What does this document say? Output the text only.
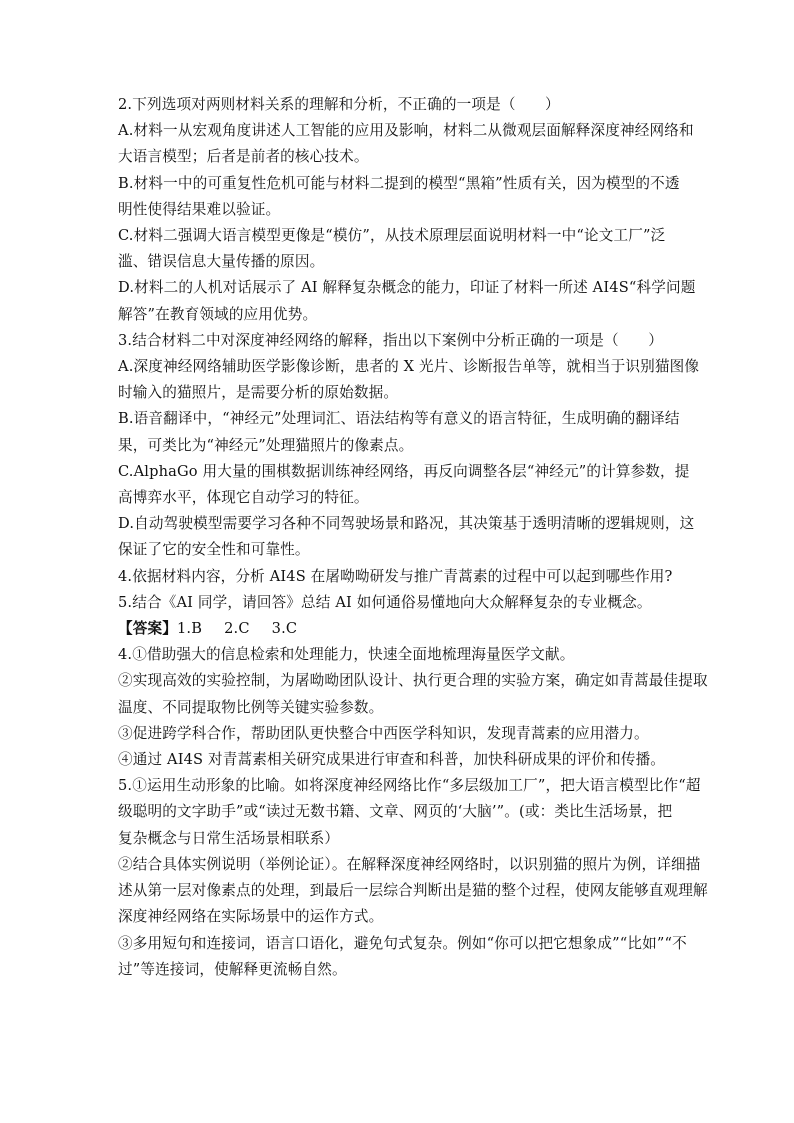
2.下列选项对两则材料关系的理解和分析，不正确的一项是（　　）

A.材料一从宏观角度讲述人工智能的应用及影响，材料二从微观层面解释深度神经网络和

大语言模型；后者是前者的核心技术。

B.材料一中的可重复性危机可能与材料二提到的模型“黑箱”性质有关，因为模型的不透

明性使得结果难以验证。

C.材料二强调大语言模型更像是“模仿”，从技术原理层面说明材料一中“论文工厂”泛

滥、错误信息大量传播的原因。

D.材料二的人机对话展示了 AI 解释复杂概念的能力，印证了材料一所述 AI4S“科学问题

解答”在教育领域的应用优势。

3.结合材料二中对深度神经网络的解释，指出以下案例中分析正确的一项是（　　）

A.深度神经网络辅助医学影像诊断，患者的 X 光片、诊断报告单等，就相当于识别猫图像

时输入的猫照片，是需要分析的原始数据。

B.语音翻译中，“神经元”处理词汇、语法结构等有意义的语言特征，生成明确的翻译结

果，可类比为“神经元”处理猫照片的像素点。

C.AlphaGo 用大量的围棋数据训练神经网络，再反向调整各层“神经元”的计算参数，提

高博弈水平，体现它自动学习的特征。

D.自动驾驶模型需要学习各种不同驾驶场景和路况，其决策基于透明清晰的逻辑规则，这

保证了它的安全性和可靠性。

4.依据材料内容，分析 AI4S 在屠呦呦研发与推广青蒿素的过程中可以起到哪些作用?

5.结合《AI 同学，请回答》总结 AI 如何通俗易懂地向大众解释复杂的专业概念。

【答案】1.B 2.C 3.C

4.①借助强大的信息检索和处理能力，快速全面地梳理海量医学文献。

②实现高效的实验控制，为屠呦呦团队设计、执行更合理的实验方案，确定如青蒿最佳提取

温度、不同提取物比例等关键实验参数。

③促进跨学科合作，帮助团队更快整合中西医学科知识，发现青蒿素的应用潜力。

④通过 AI4S 对青蒿素相关研究成果进行审查和科普，加快科研成果的评价和传播。

5.①运用生动形象的比喻。如将深度神经网络比作“多层级加工厂”，把大语言模型比作“超

级聪明的文字助手”或“读过无数书籍、文章、网页的‘大脑’”。(或：类比生活场景，把

复杂概念与日常生活场景相联系）

②结合具体实例说明（举例论证）。在解释深度神经网络时，以识别猫的照片为例，详细描

述从第一层对像素点的处理，到最后一层综合判断出是猫的整个过程，使网友能够直观理解

深度神经网络在实际场景中的运作方式。

③多用短句和连接词，语言口语化，避免句式复杂。例如“你可以把它想象成”“比如”“不

过”等连接词，使解释更流畅自然。
